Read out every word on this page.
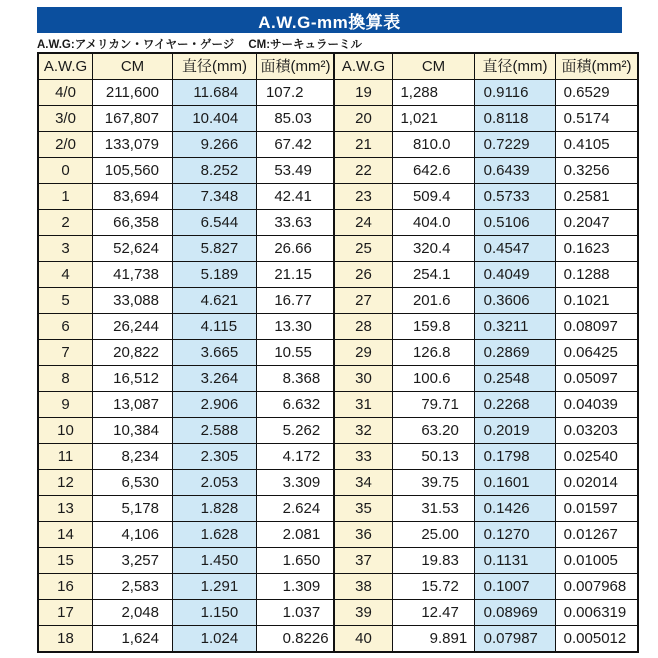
A.W.G-mm換算表
A.W.G:アメリカン・ワイヤー・ゲージ CM:サーキュラーミル
A.W.G	CM	直径(mm)	面積(mm²)
4/0	211,600	11.684	107.2
3/0	167,807	10.404	85.03
2/0	133,079	9.266	67.42
0	105,560	8.252	53.49
1	83,694	7.348	42.41
2	66,358	6.544	33.63
3	52,624	5.827	26.66
4	41,738	5.189	21.15
5	33,088	4.621	16.77
6	26,244	4.115	13.30
7	20,822	3.665	10.55
8	16,512	3.264	8.368
9	13,087	2.906	6.632
10	10,384	2.588	5.262
11	8,234	2.305	4.172
12	6,530	2.053	3.309
13	5,178	1.828	2.624
14	4,106	1.628	2.081
15	3,257	1.450	1.650
16	2,583	1.291	1.309
17	2,048	1.150	1.037
18	1,624	1.024	0.8226
A.W.G	CM	直径(mm)	面積(mm²)
19	1,288	0.9116	0.6529
20	1,021	0.8118	0.5174
21	810.0	0.7229	0.4105
22	642.6	0.6439	0.3256
23	509.4	0.5733	0.2581
24	404.0	0.5106	0.2047
25	320.4	0.4547	0.1623
26	254.1	0.4049	0.1288
27	201.6	0.3606	0.1021
28	159.8	0.3211	0.08097
29	126.8	0.2869	0.06425
30	100.6	0.2548	0.05097
31	79.71	0.2268	0.04039
32	63.20	0.2019	0.03203
33	50.13	0.1798	0.02540
34	39.75	0.1601	0.02014
35	31.53	0.1426	0.01597
36	25.00	0.1270	0.01267
37	19.83	0.1131	0.01005
38	15.72	0.1007	0.007968
39	12.47	0.08969	0.006319
40	9.891	0.07987	0.005012
